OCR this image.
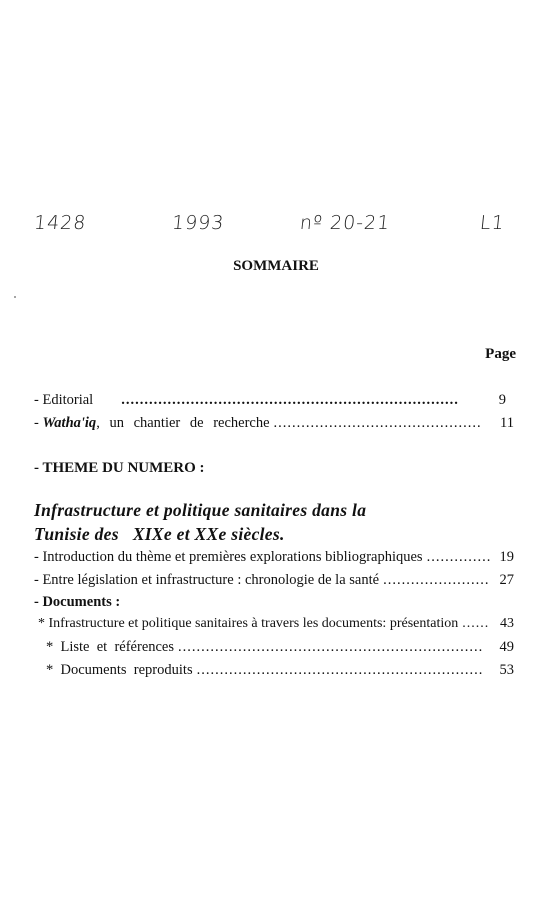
1428	1993	nº 20-21	L1
SOMMAIRE
Page
- Editorial .....	9
- Watha'iq , un chantier de recherche .....	11
- THEME DU NUMERO :
Infrastructure et politique sanitaires dans la
Tunisie des   XIXe et XXe siècles.
- Introduction du thème et premières explorations bibliographiques .....	19
- Entre législation et infrastructure : chronologie de la santé .....	27
- Documents :
* Infrastructure et politique sanitaires à travers les documents: présentation .....	43
*  Liste  et  références .....	49
*  Documents  reproduits .....	53
